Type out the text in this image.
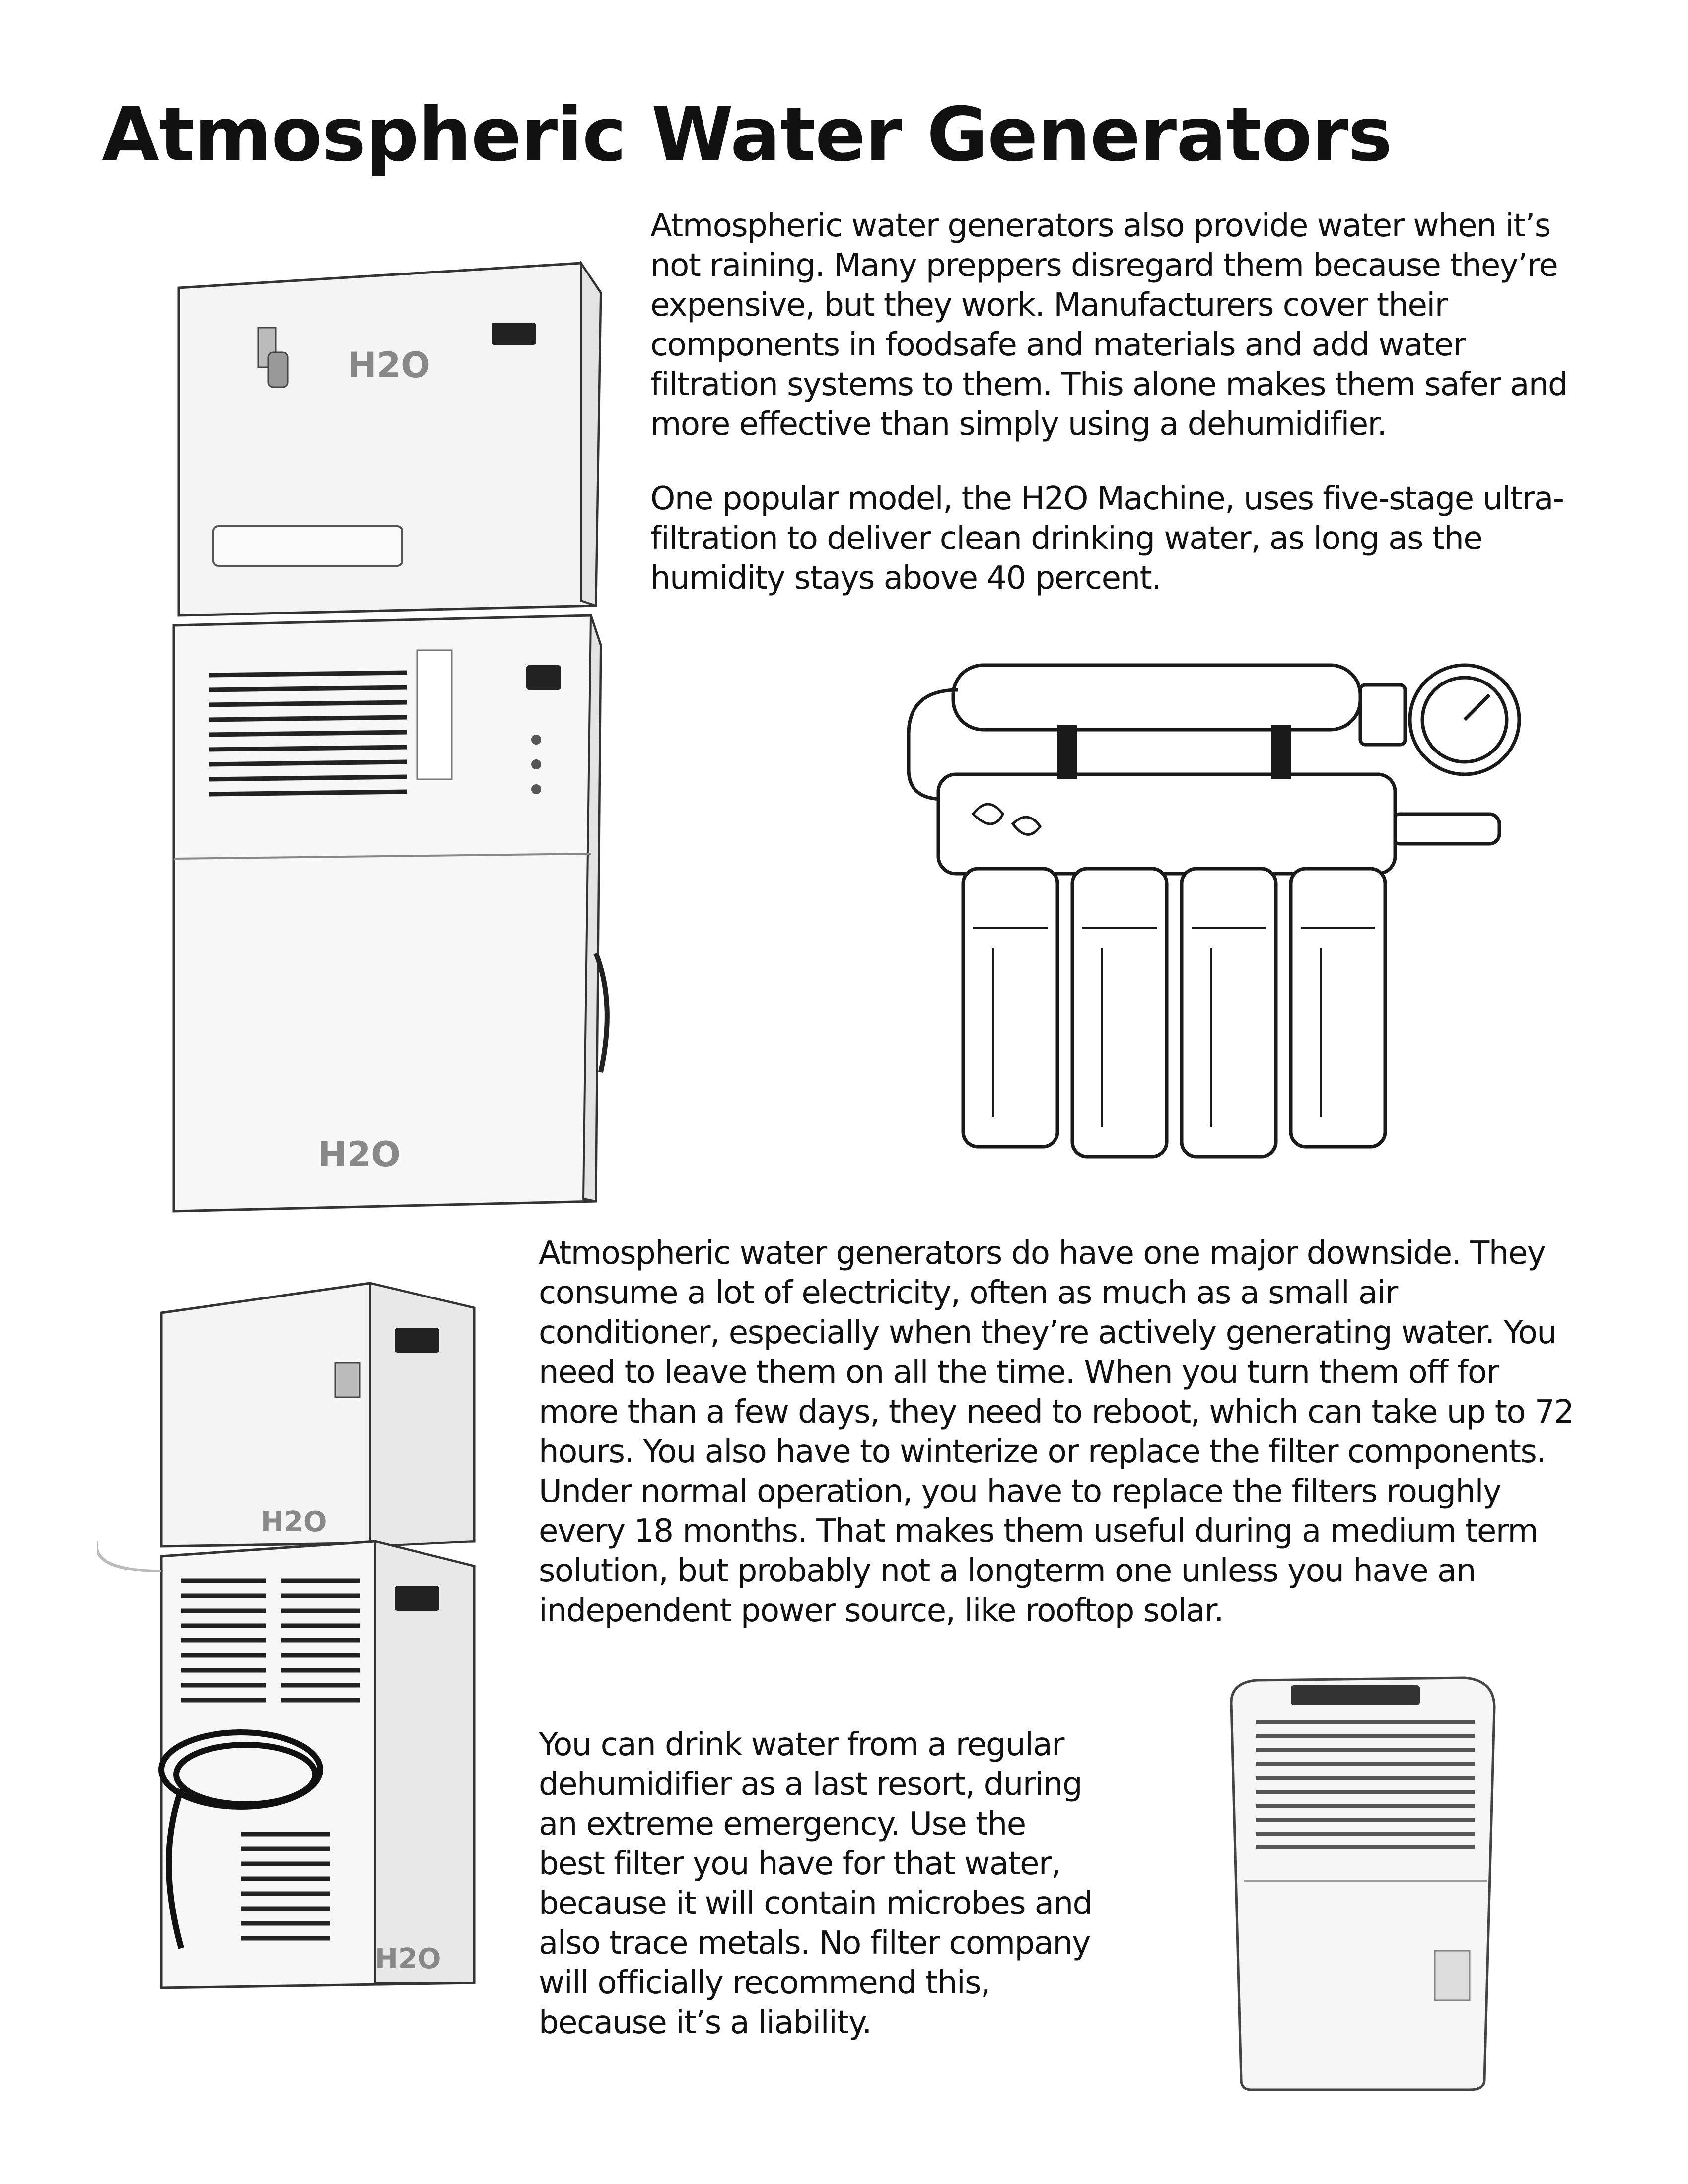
Atmospheric Water Generators

Atmospheric water generators also provide water when it’s not raining. Many preppers disregard them because they’re expensive, but they work. Manufacturers cover their components in foodsafe and materials and add water filtration systems to them. This alone makes them safer and more effective than simply using a dehumidifier.

One popular model, the H2O Machine, uses five-stage ultra-filtration to deliver clean drinking water, as long as the humidity stays above 40 percent.

Atmospheric water generators do have one major downside. They consume a lot of electricity, often as much as a small air conditioner, especially when they’re actively generating water. You need to leave them on all the time. When you turn them off for more than a few days, they need to reboot, which can take up to 72 hours. You also have to winterize or replace the filter components. Under normal operation, you have to replace the filters roughly every 18 months. That makes them useful during a medium term solution, but probably not a longterm one unless you have an independent power source, like rooftop solar.

You can drink water from a regular dehumidifier as a last resort, during an extreme emergency. Use the best filter you have for that water, because it will contain microbes and also trace metals. No filter company will officially recommend this, because it’s a liability.

H2O
H2O
H2O
H2O
